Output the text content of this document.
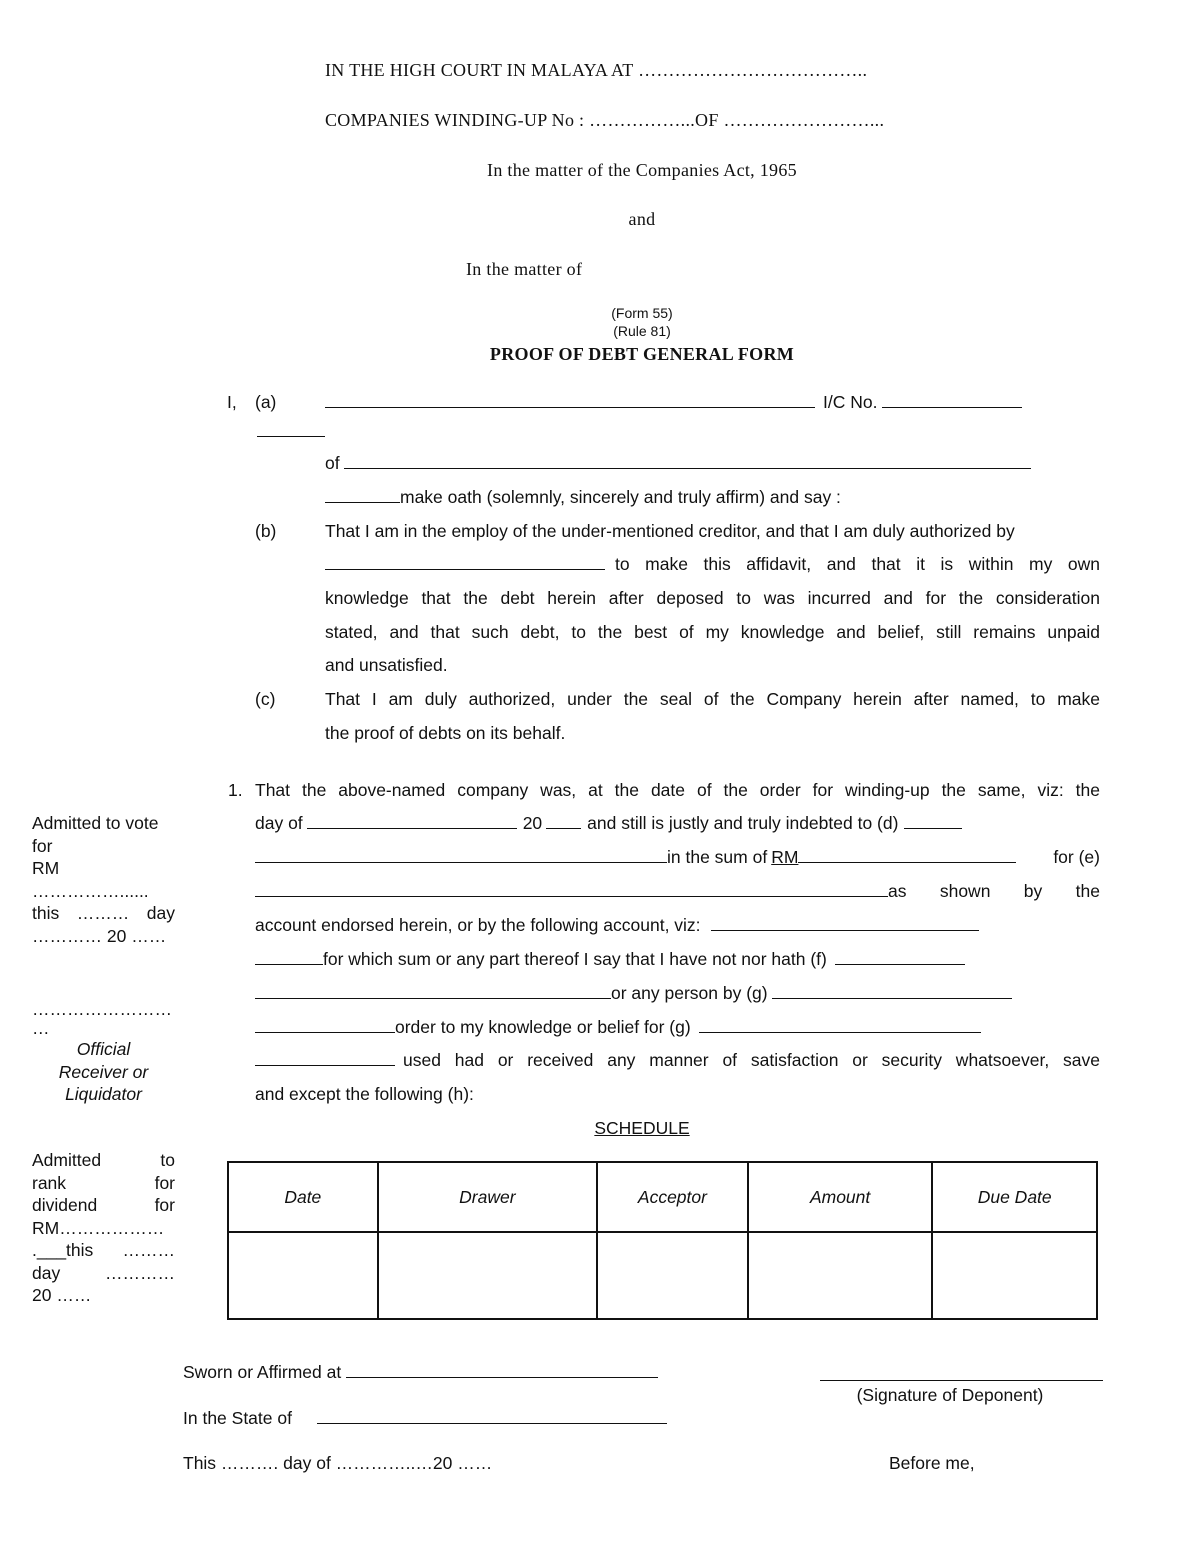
IN THE HIGH COURT IN MALAYA AT ………………………………..
COMPANIES WINDING-UP No : ……………...OF ……………………...
In the matter of the Companies Act, 1965
and
In the matter of
(Form 55)
(Rule 81)
PROOF OF DEBT GENERAL FORM
I, (a)	I/C No.
of
make oath (solemnly, sincerely and truly affirm) and say :
(b)	That I am in the employ of the under-mentioned creditor, and that I am duly authorized by
to make this affidavit, and that it is within my own
knowledge that the debt herein after deposed to was incurred and for the consideration
stated, and that such debt, to the best of my knowledge and belief, still remains unpaid
and unsatisfied.
(c)	That I am duly authorized, under the seal of the Company herein after named, to make
the proof of debts on its behalf.
1. That the above-named company was, at the date of the order for winding-up the same, viz: the
day of	20	and still is justly and truly indebted to (d)
in the sum of RM	for (e)
as shown by the
account endorsed herein, or by the following account, viz:
for which sum or any part thereof I say that I have not nor hath (f)
or any person by (g)
order to my knowledge or belief for (g)
used had or received any manner of satisfaction or security whatsoever, save
and except the following (h):
SCHEDULE
Date	Drawer	Acceptor	Amount	Due Date

Admitted to vote
for
RM
……………......
this ……… day
………… 20 ……
……………………
…
Official
Receiver or
Liquidator
Admitted to
rank for
dividend for
RM………………
.___this ………
day …………
20 ……
Sworn or Affirmed at
(Signature of Deponent)
In the State of
This ………. day of …………..…20 ……	Before me,
